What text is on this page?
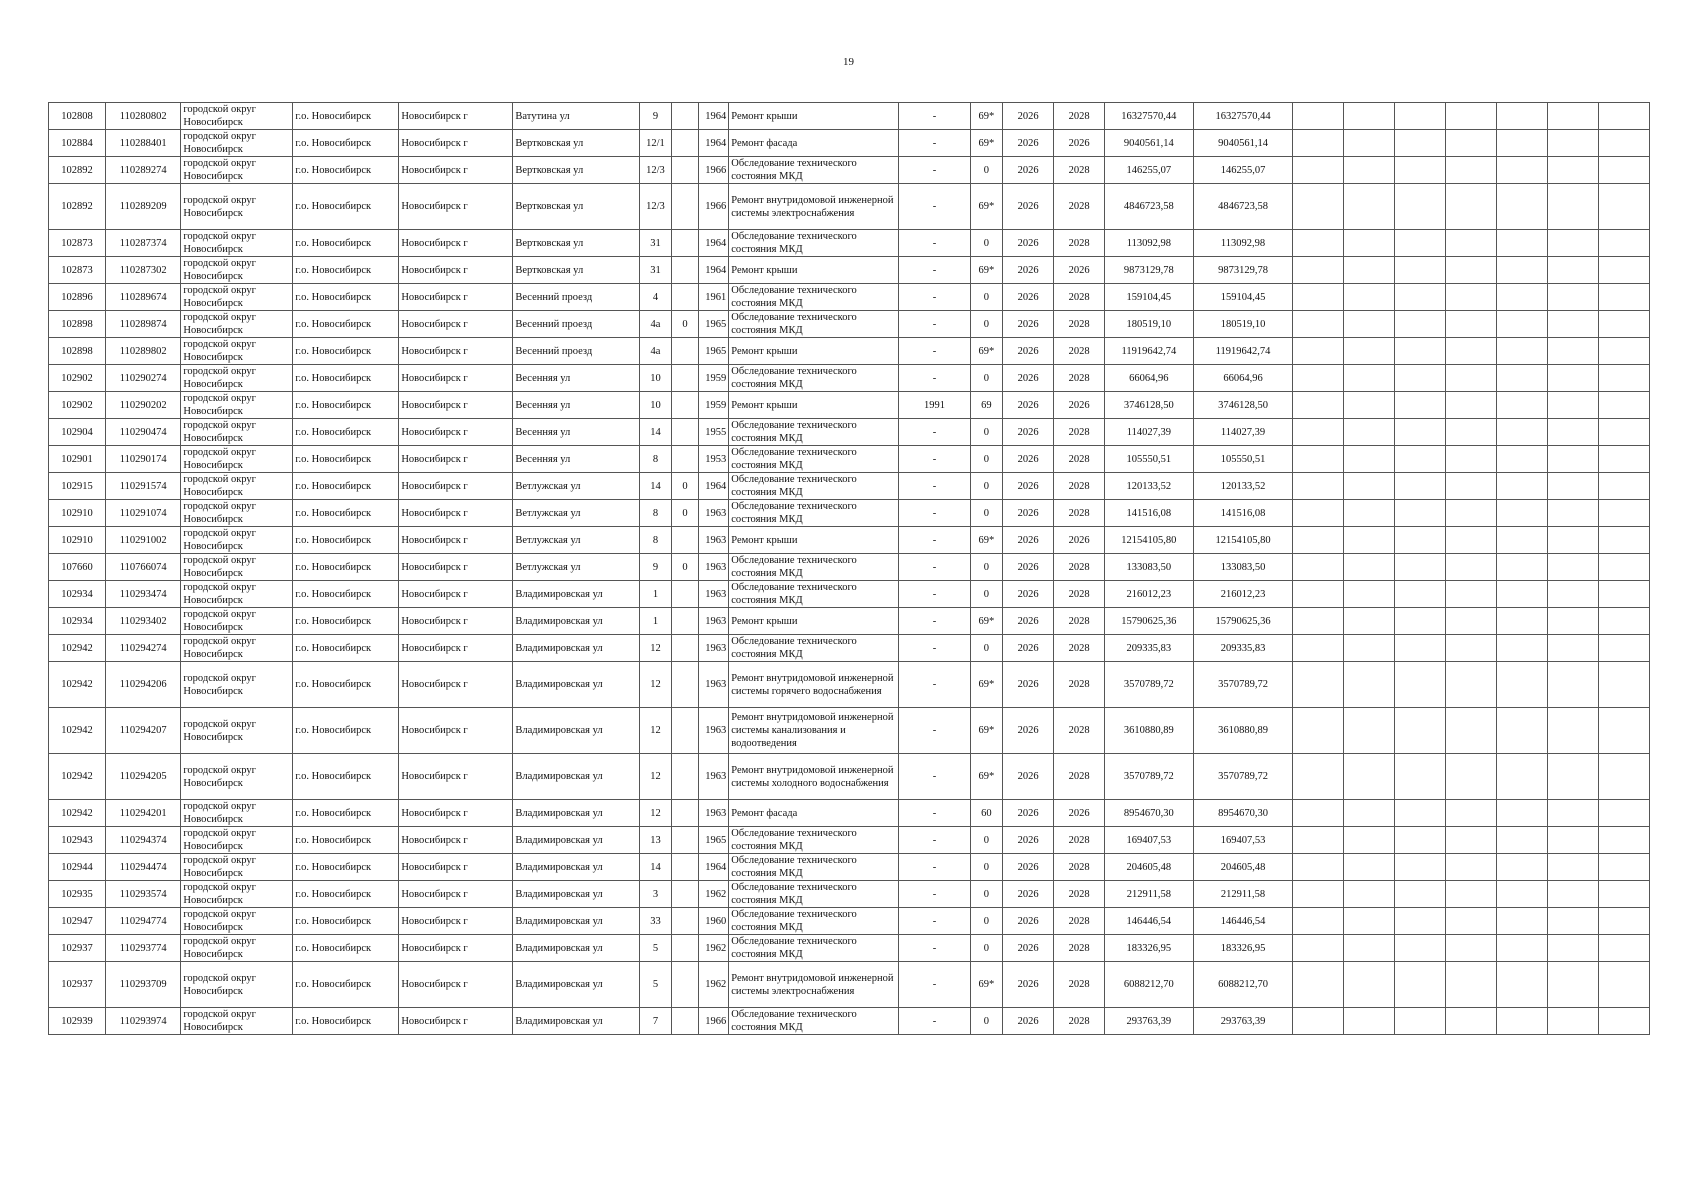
19
102808	110280802	городской округ Новосибирск	г.о. Новосибирск	Новосибирск г	Ватутина ул	9		1964	Ремонт крыши	-	69*	2026	2028	16327570,44	16327570,44							
102884	110288401	городской округ Новосибирск	г.о. Новосибирск	Новосибирск г	Вертковская ул	12/1		1964	Ремонт фасада	-	69*	2026	2026	9040561,14	9040561,14							
102892	110289274	городской округ Новосибирск	г.о. Новосибирск	Новосибирск г	Вертковская ул	12/3		1966	Обследование технического состояния МКД	-	0	2026	2028	146255,07	146255,07							
102892	110289209	городской округ Новосибирск	г.о. Новосибирск	Новосибирск г	Вертковская ул	12/3		1966	Ремонт внутридомовой инженерной системы электроснабжения	-	69*	2026	2028	4846723,58	4846723,58							
102873	110287374	городской округ Новосибирск	г.о. Новосибирск	Новосибирск г	Вертковская ул	31		1964	Обследование технического состояния МКД	-	0	2026	2028	113092,98	113092,98							
102873	110287302	городской округ Новосибирск	г.о. Новосибирск	Новосибирск г	Вертковская ул	31		1964	Ремонт крыши	-	69*	2026	2026	9873129,78	9873129,78							
102896	110289674	городской округ Новосибирск	г.о. Новосибирск	Новосибирск г	Весенний проезд	4		1961	Обследование технического состояния МКД	-	0	2026	2028	159104,45	159104,45							
102898	110289874	городской округ Новосибирск	г.о. Новосибирск	Новосибирск г	Весенний проезд	4а	0	1965	Обследование технического состояния МКД	-	0	2026	2028	180519,10	180519,10							
102898	110289802	городской округ Новосибирск	г.о. Новосибирск	Новосибирск г	Весенний проезд	4а		1965	Ремонт крыши	-	69*	2026	2028	11919642,74	11919642,74							
102902	110290274	городской округ Новосибирск	г.о. Новосибирск	Новосибирск г	Весенняя ул	10		1959	Обследование технического состояния МКД	-	0	2026	2028	66064,96	66064,96							
102902	110290202	городской округ Новосибирск	г.о. Новосибирск	Новосибирск г	Весенняя ул	10		1959	Ремонт крыши	1991	69	2026	2026	3746128,50	3746128,50							
102904	110290474	городской округ Новосибирск	г.о. Новосибирск	Новосибирск г	Весенняя ул	14		1955	Обследование технического состояния МКД	-	0	2026	2028	114027,39	114027,39							
102901	110290174	городской округ Новосибирск	г.о. Новосибирск	Новосибирск г	Весенняя ул	8		1953	Обследование технического состояния МКД	-	0	2026	2028	105550,51	105550,51							
102915	110291574	городской округ Новосибирск	г.о. Новосибирск	Новосибирск г	Ветлужская ул	14	0	1964	Обследование технического состояния МКД	-	0	2026	2028	120133,52	120133,52							
102910	110291074	городской округ Новосибирск	г.о. Новосибирск	Новосибирск г	Ветлужская ул	8	0	1963	Обследование технического состояния МКД	-	0	2026	2028	141516,08	141516,08							
102910	110291002	городской округ Новосибирск	г.о. Новосибирск	Новосибирск г	Ветлужская ул	8		1963	Ремонт крыши	-	69*	2026	2026	12154105,80	12154105,80							
107660	110766074	городской округ Новосибирск	г.о. Новосибирск	Новосибирск г	Ветлужская ул	9	0	1963	Обследование технического состояния МКД	-	0	2026	2028	133083,50	133083,50							
102934	110293474	городской округ Новосибирск	г.о. Новосибирск	Новосибирск г	Владимировская ул	1		1963	Обследование технического состояния МКД	-	0	2026	2028	216012,23	216012,23							
102934	110293402	городской округ Новосибирск	г.о. Новосибирск	Новосибирск г	Владимировская ул	1		1963	Ремонт крыши	-	69*	2026	2028	15790625,36	15790625,36							
102942	110294274	городской округ Новосибирск	г.о. Новосибирск	Новосибирск г	Владимировская ул	12		1963	Обследование технического состояния МКД	-	0	2026	2028	209335,83	209335,83							
102942	110294206	городской округ Новосибирск	г.о. Новосибирск	Новосибирск г	Владимировская ул	12		1963	Ремонт внутридомовой инженерной системы горячего водоснабжения	-	69*	2026	2028	3570789,72	3570789,72							
102942	110294207	городской округ Новосибирск	г.о. Новосибирск	Новосибирск г	Владимировская ул	12		1963	Ремонт внутридомовой инженерной системы канализования и водоотведения	-	69*	2026	2028	3610880,89	3610880,89							
102942	110294205	городской округ Новосибирск	г.о. Новосибирск	Новосибирск г	Владимировская ул	12		1963	Ремонт внутридомовой инженерной системы холодного водоснабжения	-	69*	2026	2028	3570789,72	3570789,72							
102942	110294201	городской округ Новосибирск	г.о. Новосибирск	Новосибирск г	Владимировская ул	12		1963	Ремонт фасада	-	60	2026	2026	8954670,30	8954670,30							
102943	110294374	городской округ Новосибирск	г.о. Новосибирск	Новосибирск г	Владимировская ул	13		1965	Обследование технического состояния МКД	-	0	2026	2028	169407,53	169407,53							
102944	110294474	городской округ Новосибирск	г.о. Новосибирск	Новосибирск г	Владимировская ул	14		1964	Обследование технического состояния МКД	-	0	2026	2028	204605,48	204605,48							
102935	110293574	городской округ Новосибирск	г.о. Новосибирск	Новосибирск г	Владимировская ул	3		1962	Обследование технического состояния МКД	-	0	2026	2028	212911,58	212911,58							
102947	110294774	городской округ Новосибирск	г.о. Новосибирск	Новосибирск г	Владимировская ул	33		1960	Обследование технического состояния МКД	-	0	2026	2028	146446,54	146446,54							
102937	110293774	городской округ Новосибирск	г.о. Новосибирск	Новосибирск г	Владимировская ул	5		1962	Обследование технического состояния МКД	-	0	2026	2028	183326,95	183326,95							
102937	110293709	городской округ Новосибирск	г.о. Новосибирск	Новосибирск г	Владимировская ул	5		1962	Ремонт внутридомовой инженерной системы электроснабжения	-	69*	2026	2028	6088212,70	6088212,70							
102939	110293974	городской округ Новосибирск	г.о. Новосибирск	Новосибирск г	Владимировская ул	7		1966	Обследование технического состояния МКД	-	0	2026	2028	293763,39	293763,39							
